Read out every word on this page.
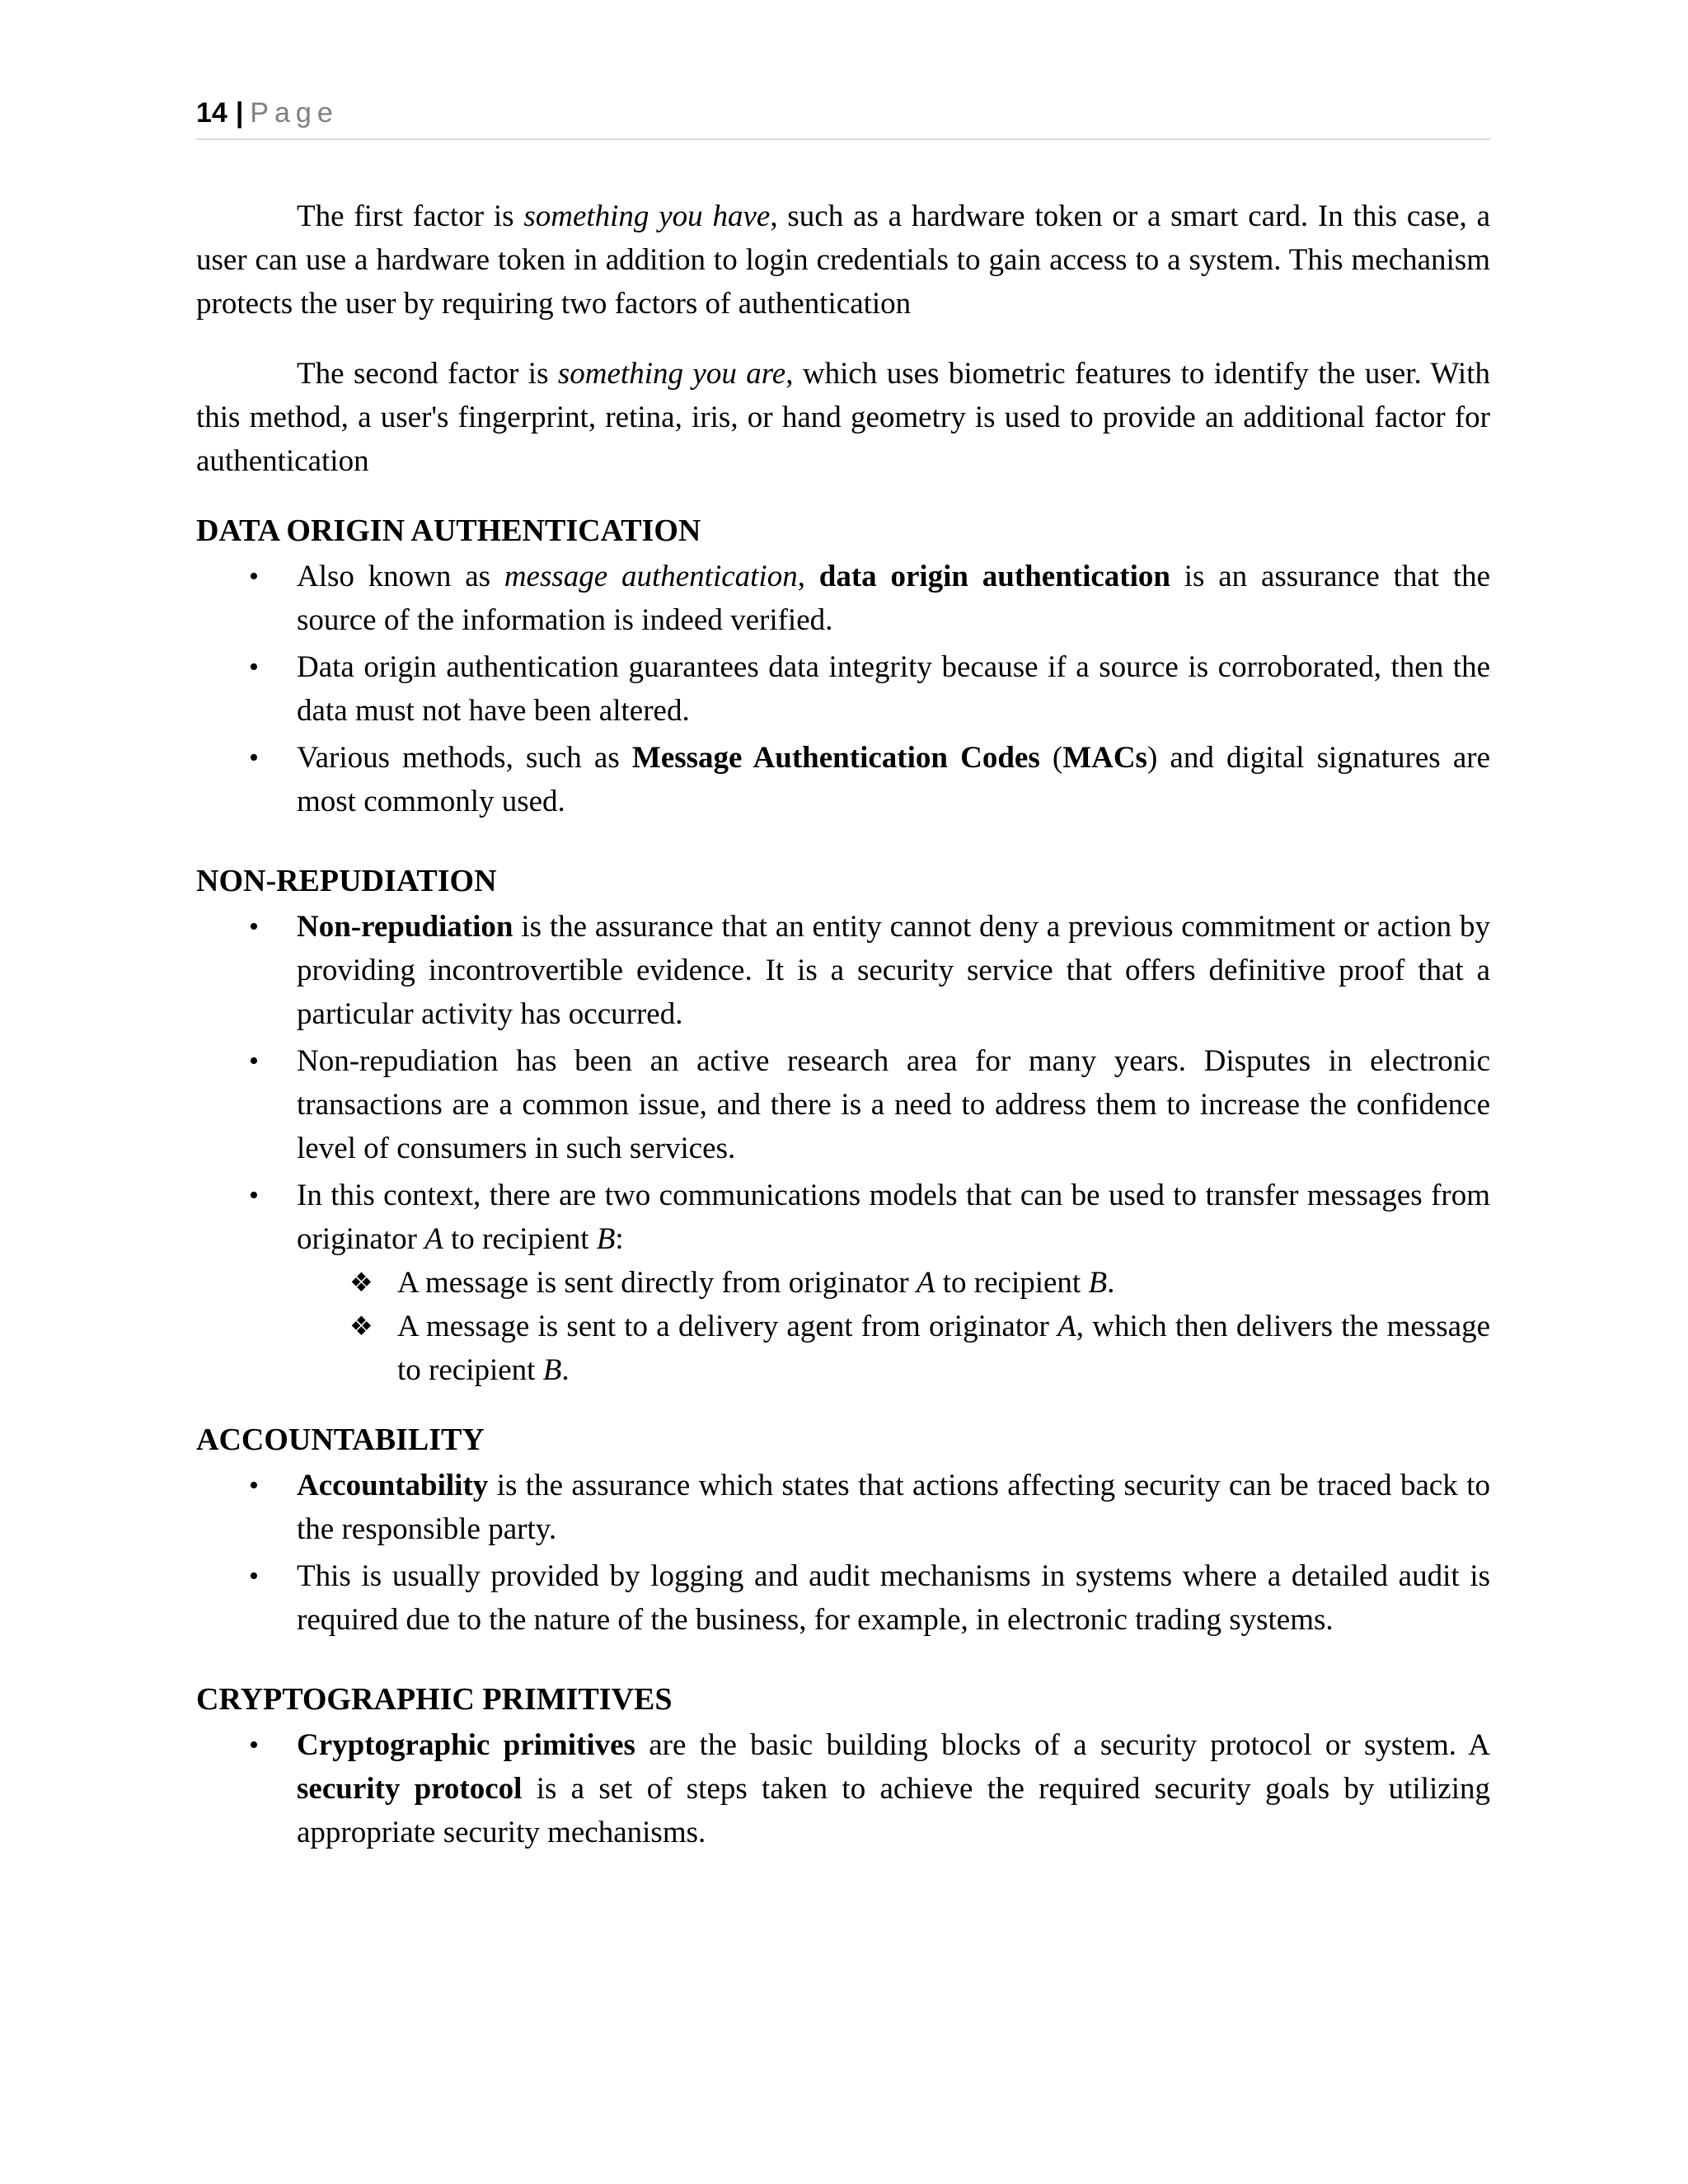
14 | Page

The first factor is something you have, such as a hardware token or a smart card. In this case, a user can use a hardware token in addition to login credentials to gain access to a system. This mechanism protects the user by requiring two factors of authentication

The second factor is something you are, which uses biometric features to identify the user. With this method, a user's fingerprint, retina, iris, or hand geometry is used to provide an additional factor for authentication

DATA ORIGIN AUTHENTICATION
• Also known as message authentication, data origin authentication is an assurance that the source of the information is indeed verified.
• Data origin authentication guarantees data integrity because if a source is corroborated, then the data must not have been altered.
• Various methods, such as Message Authentication Codes (MACs) and digital signatures are most commonly used.
NON-REPUDIATION
• Non-repudiation is the assurance that an entity cannot deny a previous commitment or action by providing incontrovertible evidence. It is a security service that offers definitive proof that a particular activity has occurred.
• Non-repudiation has been an active research area for many years. Disputes in electronic transactions are a common issue, and there is a need to address them to increase the confidence level of consumers in such services.
• In this context, there are two communications models that can be used to transfer messages from originator A to recipient B:
❖ A message is sent directly from originator A to recipient B.
❖ A message is sent to a delivery agent from originator A, which then delivers the message to recipient B.
ACCOUNTABILITY
• Accountability is the assurance which states that actions affecting security can be traced back to the responsible party.
• This is usually provided by logging and audit mechanisms in systems where a detailed audit is required due to the nature of the business, for example, in electronic trading systems.
CRYPTOGRAPHIC PRIMITIVES
• Cryptographic primitives are the basic building blocks of a security protocol or system. A security protocol is a set of steps taken to achieve the required security goals by utilizing appropriate security mechanisms.
